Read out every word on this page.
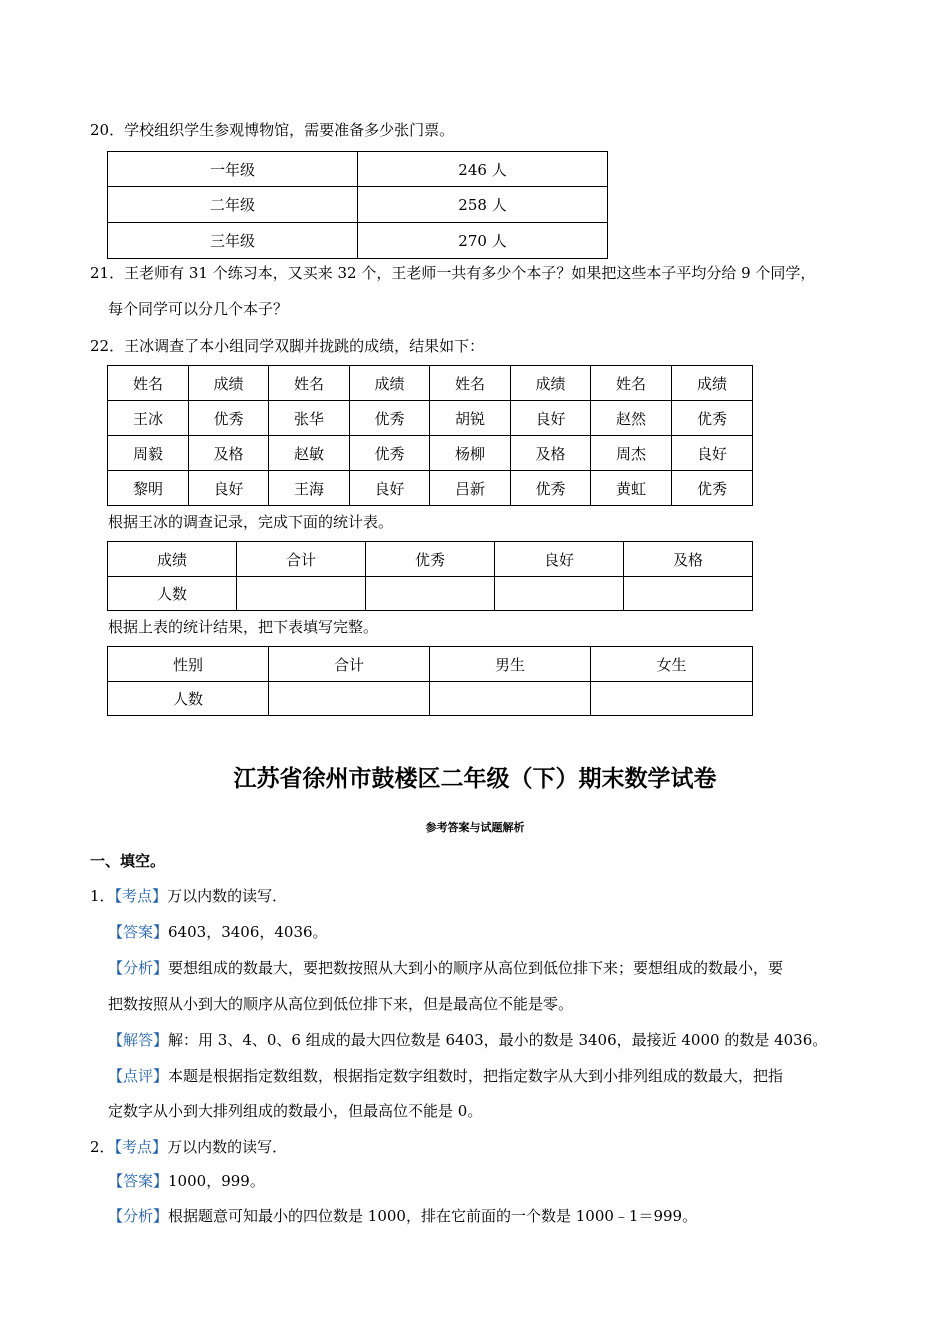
20．学校组织学生参观博物馆，需要准备多少张门票。
一年级	246 人
二年级	258 人
三年级	270 人
21．王老师有 31 个练习本，又买来 32 个，王老师一共有多少个本子？如果把这些本子平均分给 9 个同学，
每个同学可以分几个本子？
22．王冰调查了本小组同学双脚并拢跳的成绩，结果如下：
姓名	成绩	姓名	成绩	姓名	成绩	姓名	成绩
王冰	优秀	张华	优秀	胡锐	良好	赵然	优秀
周毅	及格	赵敏	优秀	杨柳	及格	周杰	良好
黎明	良好	王海	良好	吕新	优秀	黄虹	优秀
根据王冰的调查记录，完成下面的统计表。
成绩	合计	优秀	良好	及格
人数				
根据上表的统计结果，把下表填写完整。
性别	合计	男生	女生
人数			
江苏省徐州市鼓楼区二年级（下）期末数学试卷
参考答案与试题解析
一、填空。
1．【考点】万以内数的读写．
【答案】6403，3406，4036。
【分析】要想组成的数最大，要把数按照从大到小的顺序从高位到低位排下来；要想组成的数最小，要
把数按照从小到大的顺序从高位到低位排下来，但是最高位不能是零。
【解答】解：用 3、4、0、6 组成的最大四位数是 6403，最小的数是 3406，最接近 4000 的数是 4036。
【点评】本题是根据指定数组数，根据指定数字组数时，把指定数字从大到小排列组成的数最大，把指
定数字从小到大排列组成的数最小，但最高位不能是 0。
2．【考点】万以内数的读写．
【答案】1000，999。
【分析】根据题意可知最小的四位数是 1000，排在它前面的一个数是 1000﹣1＝999。
